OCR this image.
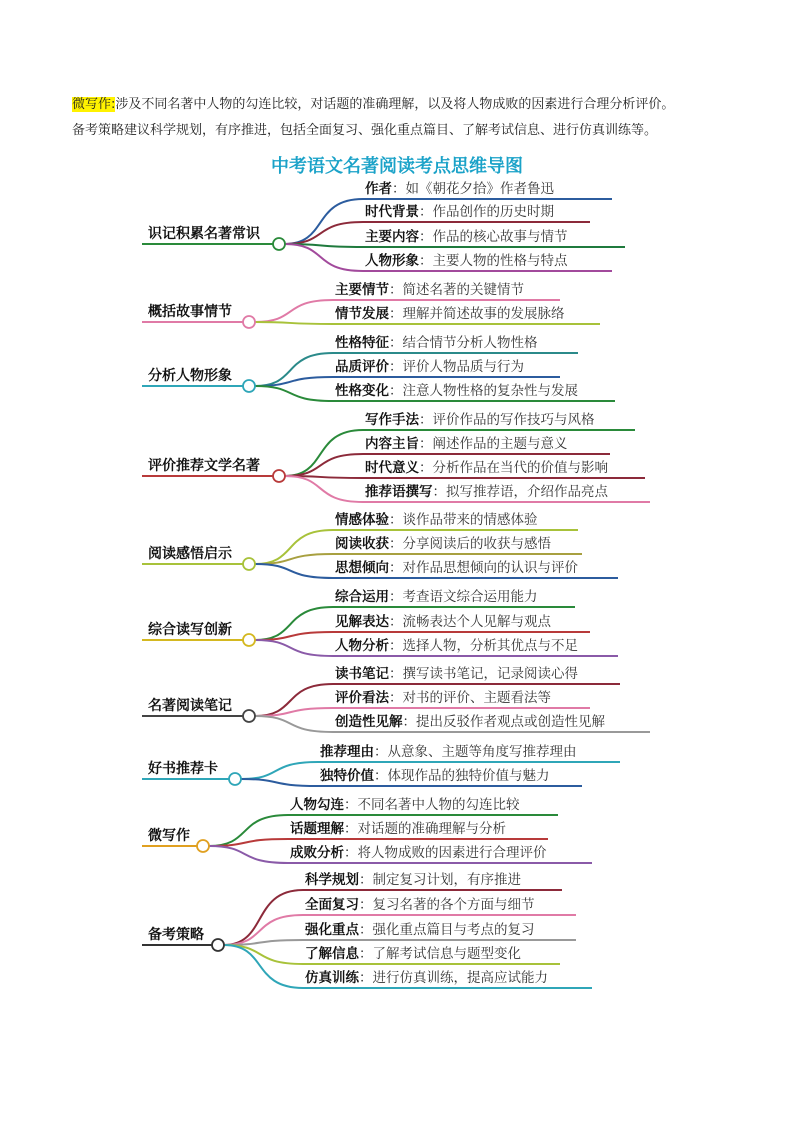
微写作:涉及不同名著中人物的勾连比较，对话题的准确理解，以及将人物成败的因素进行合理分析评价。
备考策略建议科学规划，有序推进，包括全面复习、强化重点篇目、了解考试信息、进行仿真训练等。
中考语文名著阅读考点思维导图
识记积累名著常识
作者：如《朝花夕拾》作者鲁迅
时代背景：作品创作的历史时期
主要内容：作品的核心故事与情节
人物形象：主要人物的性格与特点
概括故事情节
主要情节：简述名著的关键情节
情节发展：理解并简述故事的发展脉络
分析人物形象
性格特征：结合情节分析人物性格
品质评价：评价人物品质与行为
性格变化：注意人物性格的复杂性与发展
评价推荐文学名著
写作手法：评价作品的写作技巧与风格
内容主旨：阐述作品的主题与意义
时代意义：分析作品在当代的价值与影响
推荐语撰写：拟写推荐语，介绍作品亮点
阅读感悟启示
情感体验：谈作品带来的情感体验
阅读收获：分享阅读后的收获与感悟
思想倾向：对作品思想倾向的认识与评价
综合读写创新
综合运用：考查语文综合运用能力
见解表达：流畅表达个人见解与观点
人物分析：选择人物，分析其优点与不足
名著阅读笔记
读书笔记：撰写读书笔记，记录阅读心得
评价看法：对书的评价、主题看法等
创造性见解：提出反驳作者观点或创造性见解
好书推荐卡
推荐理由：从意象、主题等角度写推荐理由
独特价值：体现作品的独特价值与魅力
微写作
人物勾连：不同名著中人物的勾连比较
话题理解：对话题的准确理解与分析
成败分析：将人物成败的因素进行合理评价
备考策略
科学规划：制定复习计划，有序推进
全面复习：复习名著的各个方面与细节
强化重点：强化重点篇目与考点的复习
了解信息：了解考试信息与题型变化
仿真训练：进行仿真训练，提高应试能力
